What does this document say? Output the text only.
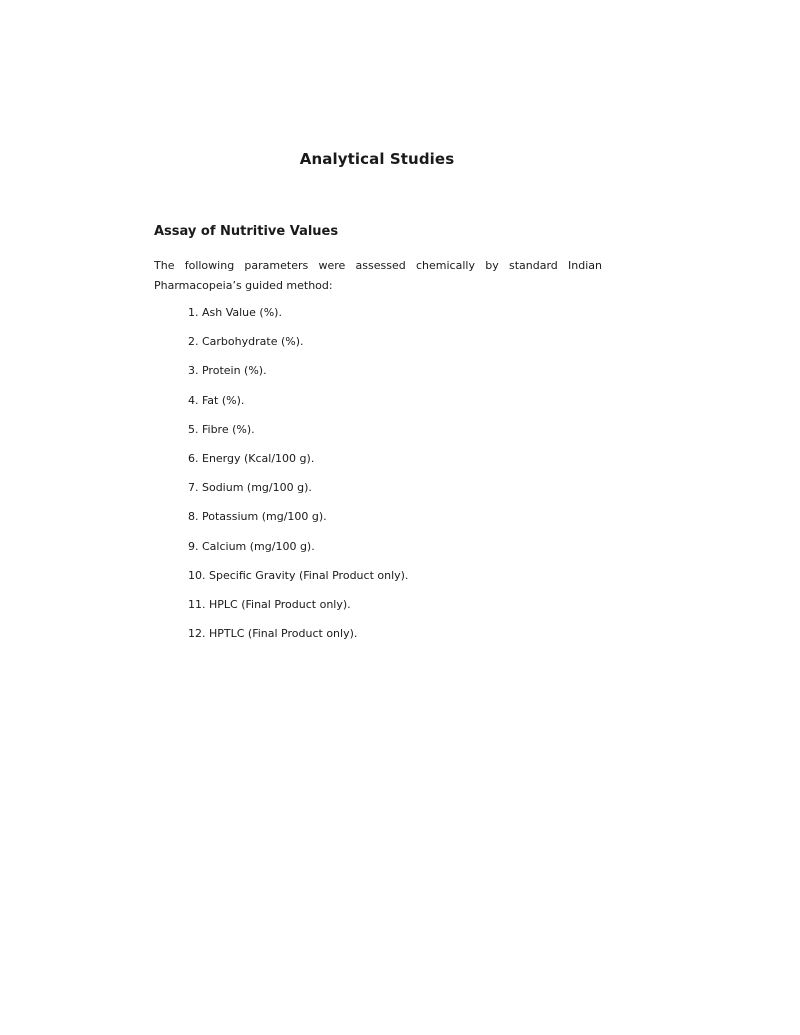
Analytical Studies
Assay of Nutritive Values
The following parameters were assessed chemically by standard Indian
Pharmacopeia’s guided method:
1. Ash Value (%).
2. Carbohydrate (%).
3. Protein (%).
4. Fat (%).
5. Fibre (%).
6. Energy (Kcal/100 g).
7. Sodium (mg/100 g).
8. Potassium (mg/100 g).
9. Calcium (mg/100 g).
10. Specific Gravity (Final Product only).
11. HPLC (Final Product only).
12. HPTLC (Final Product only).
